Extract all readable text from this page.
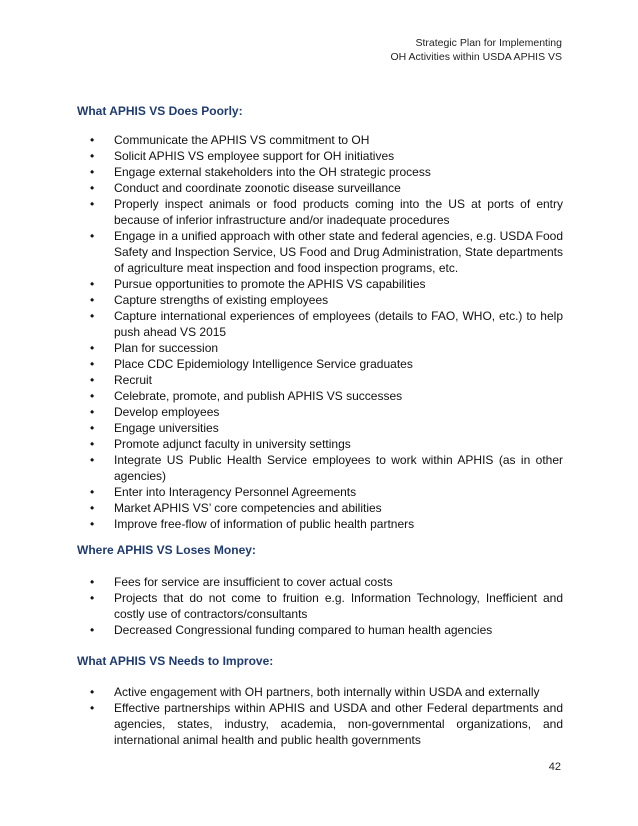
Strategic Plan for Implementing
OH Activities within USDA APHIS VS
What APHIS VS Does Poorly:
• Communicate the APHIS VS commitment to OH
• Solicit APHIS VS employee support for OH initiatives
• Engage external stakeholders into the OH strategic process
• Conduct and coordinate zoonotic disease surveillance
• Properly inspect animals or food products coming into the US at ports of entry because of inferior infrastructure and/or inadequate procedures
• Engage in a unified approach with other state and federal agencies, e.g. USDA Food Safety and Inspection Service, US Food and Drug Administration, State departments of agriculture meat inspection and food inspection programs, etc.
• Pursue opportunities to promote the APHIS VS capabilities
• Capture strengths of existing employees
• Capture international experiences of employees (details to FAO, WHO, etc.) to help push ahead VS 2015
• Plan for succession
• Place CDC Epidemiology Intelligence Service graduates
• Recruit
• Celebrate, promote, and publish APHIS VS successes
• Develop employees
• Engage universities
• Promote adjunct faculty in university settings
• Integrate US Public Health Service employees to work within APHIS (as in other agencies)
• Enter into Interagency Personnel Agreements
• Market APHIS VS’ core competencies and abilities
• Improve free-flow of information of public health partners
Where APHIS VS Loses Money:
• Fees for service are insufficient to cover actual costs
• Projects that do not come to fruition e.g. Information Technology, Inefficient and costly use of contractors/consultants
• Decreased Congressional funding compared to human health agencies
What APHIS VS Needs to Improve:
• Active engagement with OH partners, both internally within USDA and externally
• Effective partnerships within APHIS and USDA and other Federal departments and agencies, states, industry, academia, non-governmental organizations, and international animal health and public health governments
42
